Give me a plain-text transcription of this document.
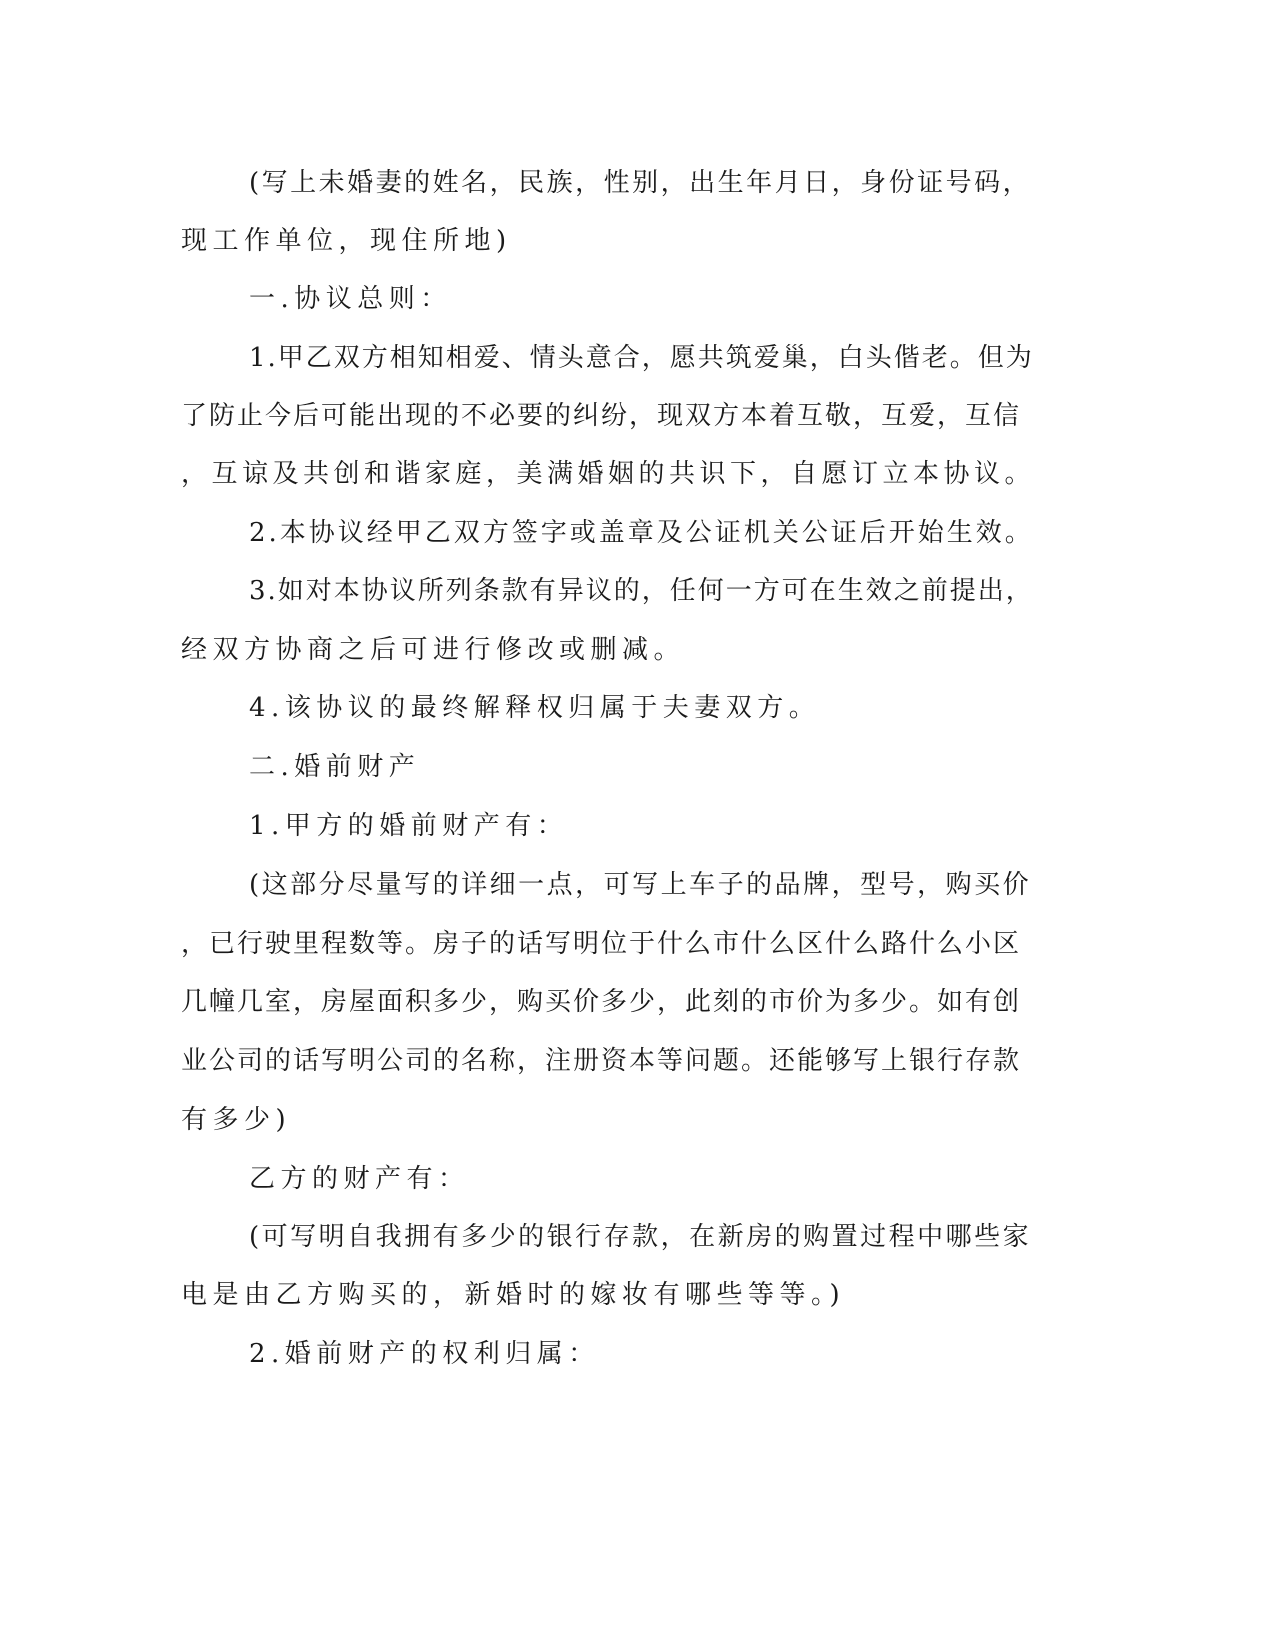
(写上未婚妻的姓名，民族，性别，出生年月日，身份证号码，
现工作单位，现住所地)
一.协议总则：
1.甲乙双方相知相爱、情头意合，愿共筑爱巢，白头偕老。但为
了防止今后可能出现的不必要的纠纷，现双方本着互敬，互爱，互信
，互谅及共创和谐家庭，美满婚姻的共识下，自愿订立本协议。
2.本协议经甲乙双方签字或盖章及公证机关公证后开始生效。
3.如对本协议所列条款有异议的，任何一方可在生效之前提出，
经双方协商之后可进行修改或删减。
4.该协议的最终解释权归属于夫妻双方。
二.婚前财产
1.甲方的婚前财产有：
(这部分尽量写的详细一点，可写上车子的品牌，型号，购买价
，已行驶里程数等。房子的话写明位于什么市什么区什么路什么小区
几幢几室，房屋面积多少，购买价多少，此刻的市价为多少。如有创
业公司的话写明公司的名称，注册资本等问题。还能够写上银行存款
有多少)
乙方的财产有：
(可写明自我拥有多少的银行存款，在新房的购置过程中哪些家
电是由乙方购买的，新婚时的嫁妆有哪些等等。)
2.婚前财产的权利归属：
